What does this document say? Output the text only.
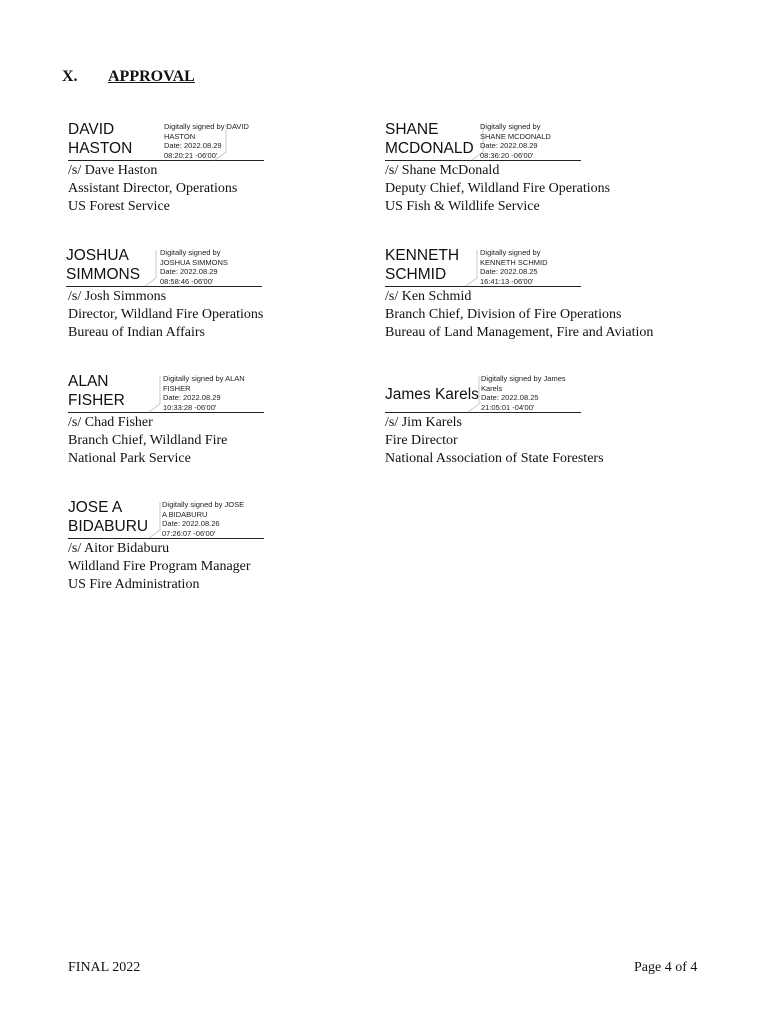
X. APPROVAL
DAVID
HASTON
Digitally signed by DAVID
HASTON
Date: 2022.08.29
08:20:21 -06'00'
/s/ Dave Haston
Assistant Director, Operations
US Forest Service
SHANE
MCDONALD
Digitally signed by
SHANE MCDONALD
Date: 2022.08.29
08:36:20 -06'00'
/s/ Shane McDonald
Deputy Chief, Wildland Fire Operations
US Fish & Wildlife Service
JOSHUA
SIMMONS
Digitally signed by
JOSHUA SIMMONS
Date: 2022.08.29
08:58:46 -06'00'
/s/ Josh Simmons
Director, Wildland Fire Operations
Bureau of Indian Affairs
KENNETH
SCHMID
Digitally signed by
KENNETH SCHMID
Date: 2022.08.25
16:41:13 -06'00'
/s/ Ken Schmid
Branch Chief, Division of Fire Operations
Bureau of Land Management, Fire and Aviation
ALAN
FISHER
Digitally signed by ALAN
FISHER
Date: 2022.08.29
10:33:28 -06'00'
/s/ Chad Fisher
Branch Chief, Wildland Fire
National Park Service
James Karels
Digitally signed by James
Karels
Date: 2022.08.25
21:05:01 -04'00'
/s/ Jim Karels
Fire Director
National Association of State Foresters
JOSE A
BIDABURU
Digitally signed by JOSE
A BIDABURU
Date: 2022.08.26
07:26:07 -06'00'
/s/ Aitor Bidaburu
Wildland Fire Program Manager
US Fire Administration
FINAL 2022	Page 4 of 4
